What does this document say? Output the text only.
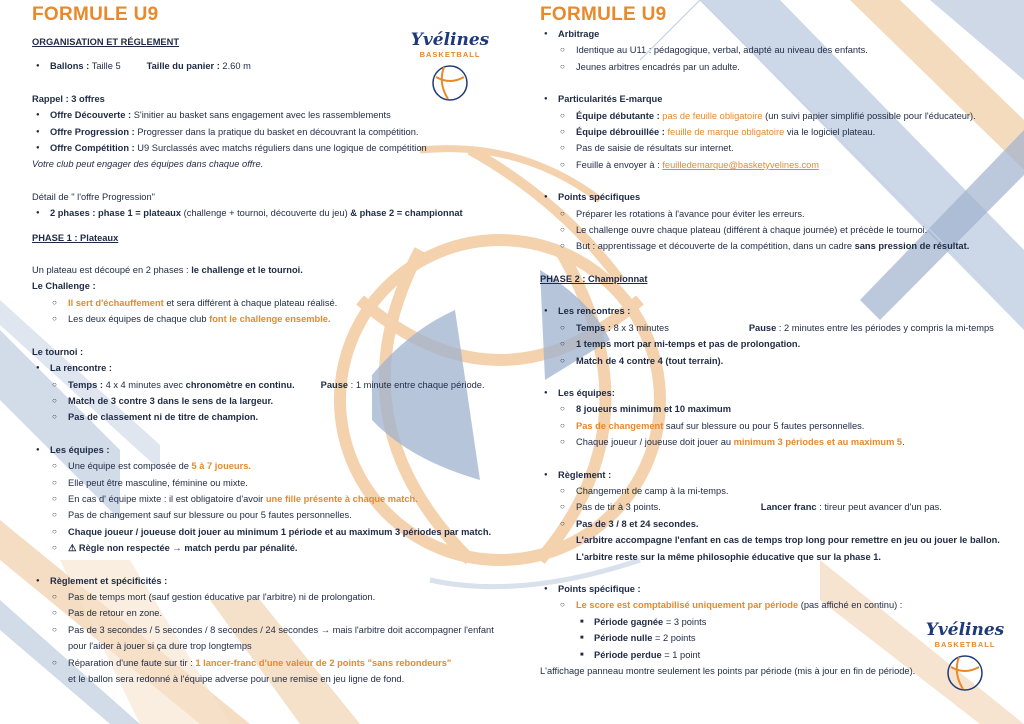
Yvélines
BASKETBALL
Yvélines
BASKETBALL
FORMULE U9
ORGANISATION ET RÉGLEMENT
● Ballons : Taille 5	Taille du panier : 2.60 m
Rappel : 3 offres
● Offre Découverte : S'initier au basket sans engagement avec les rassemblements
● Offre Progression : Progresser dans la pratique du basket en découvrant la compétition.
● Offre Compétition : U9 Surclassés avec matchs réguliers dans une logique de compétition
Votre club peut engager des équipes dans chaque offre.
Détail de " l'offre Progression"
● 2 phases : phase 1 = plateaux (challenge + tournoi, découverte du jeu) & phase 2 = championnat
PHASE 1 : Plateaux
Un plateau est découpé en 2 phases : le challenge et le tournoi.
Le Challenge :
○ Il sert d'échauffement et sera différent à chaque plateau réalisé.
○ Les deux équipes de chaque club font le challenge ensemble.
Le tournoi :
● La rencontre :
○ Temps : 4 x 4 minutes avec chronomètre en continu.	Pause : 1 minute entre chaque période.
○ Match de 3 contre 3 dans le sens de la largeur.
○ Pas de classement ni de titre de champion.
● Les équipes :
○ Une équipe est composée de 5 à 7 joueurs.
○ Elle peut être masculine, féminine ou mixte.
○ En cas d' équipe mixte : il est obligatoire d'avoir une fille présente à chaque match.
○ Pas de changement sauf sur blessure ou pour 5 fautes personnelles.
○ Chaque joueur / joueuse doit jouer au minimum 1 période et au maximum 3 périodes par match.
○ ⚠ Règle non respectée → match perdu par pénalité.
● Règlement et spécificités :
○ Pas de temps mort (sauf gestion éducative par l'arbitre) ni de prolongation.
○ Pas de retour en zone.
○ Pas de 3 secondes / 5 secondes / 8 secondes / 24 secondes → mais l'arbitre doit accompagner l'enfant
pour l'aider à jouer si ça dure trop longtemps
○ Réparation d'une faute sur tir : 1 lancer-franc d'une valeur de 2 points "sans rebondeurs"
et le ballon sera redonné à l'équipe adverse pour une remise en jeu ligne de fond.
FORMULE U9
● Arbitrage
○ Identique au U11 : pédagogique, verbal, adapté au niveau des enfants.
○ Jeunes arbitres encadrés par un adulte.
● Particularités E-marque
○ Équipe débutante : pas de feuille obligatoire (un suivi papier simplifié possible pour l'éducateur).
○ Équipe débrouillée : feuille de marque obligatoire via le logiciel plateau.
○ Pas de saisie de résultats sur internet.
○ Feuille à envoyer à : feuilledemarque@basketyvelines.com
● Points spécifiques
○ Préparer les rotations à l'avance pour éviter les erreurs.
○ Le challenge ouvre chaque plateau (différent à chaque journée) et précède le tournoi.
○ But : apprentissage et découverte de la compétition, dans un cadre sans pression de résultat.
PHASE 2 : Championnat
● Les rencontres :
○ Temps : 8 x 3 minutes	Pause : 2 minutes entre les périodes y compris la mi-temps
○ 1 temps mort par mi-temps et pas de prolongation.
○ Match de 4 contre 4 (tout terrain).
● Les équipes:
○ 8 joueurs minimum et 10 maximum
○ Pas de changement sauf sur blessure ou pour 5 fautes personnelles.
○ Chaque joueur / joueuse doit jouer au minimum 3 périodes et au maximum 5.
● Règlement :
○ Changement de camp à la mi-temps.
○ Pas de tir à 3 points.	Lancer franc : tireur peut avancer d'un pas.
○ Pas de 3 / 8 et 24 secondes.
L'arbitre accompagne l'enfant en cas de temps trop long pour remettre en jeu ou jouer le ballon.
L'arbitre reste sur la même philosophie éducative que sur la phase 1.
● Points spécifique :
○ Le score est comptabilisé uniquement par période (pas affiché en continu) :
■ Période gagnée = 3 points
■ Période nulle = 2 points
■ Période perdue = 1 point
L'affichage panneau montre seulement les points par période (mis à jour en fin de période).
